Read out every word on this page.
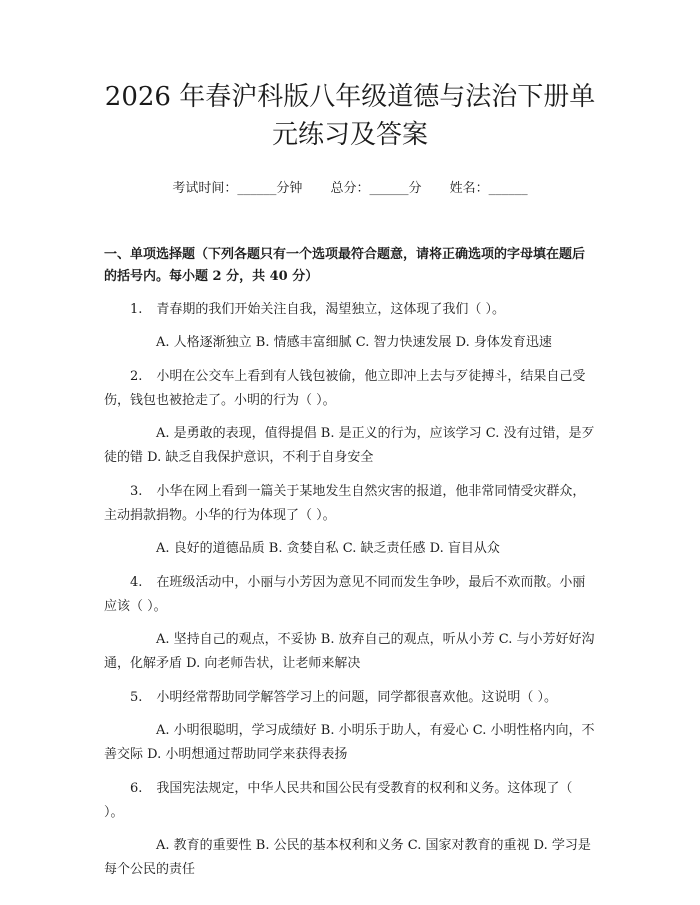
2026 年春沪科版八年级道德与法治下册单元练习及答案
考试时间：______分钟 总分：______分 姓名：______
一、单项选择题（下列各题只有一个选项最符合题意，请将正确选项的字母填在题后的括号内。每小题 2 分，共 40 分）

1. 青春期的我们开始关注自我，渴望独立，这体现了我们（ ）。

A. 人格逐渐独立 B. 情感丰富细腻 C. 智力快速发展 D. 身体发育迅速

2. 小明在公交车上看到有人钱包被偷，他立即冲上去与歹徒搏斗，结果自己受伤，钱包也被抢走了。小明的行为（ ）。

A. 是勇敢的表现，值得提倡 B. 是正义的行为，应该学习 C. 没有过错，是歹徒的错 D. 缺乏自我保护意识，不利于自身安全

3. 小华在网上看到一篇关于某地发生自然灾害的报道，他非常同情受灾群众，主动捐款捐物。小华的行为体现了（ ）。

A. 良好的道德品质 B. 贪婪自私 C. 缺乏责任感 D. 盲目从众

4. 在班级活动中，小丽与小芳因为意见不同而发生争吵，最后不欢而散。小丽应该（ ）。

A. 坚持自己的观点，不妥协 B. 放弃自己的观点，听从小芳 C. 与小芳好好沟通，化解矛盾 D. 向老师告状，让老师来解决

5. 小明经常帮助同学解答学习上的问题，同学都很喜欢他。这说明（ ）。

A. 小明很聪明，学习成绩好 B. 小明乐于助人，有爱心 C. 小明性格内向，不善交际 D. 小明想通过帮助同学来获得表扬

6. 我国宪法规定，中华人民共和国公民有受教育的权利和义务。这体现了（ ）。

A. 教育的重要性 B. 公民的基本权利和义务 C. 国家对教育的重视 D. 学习是每个公民的责任
